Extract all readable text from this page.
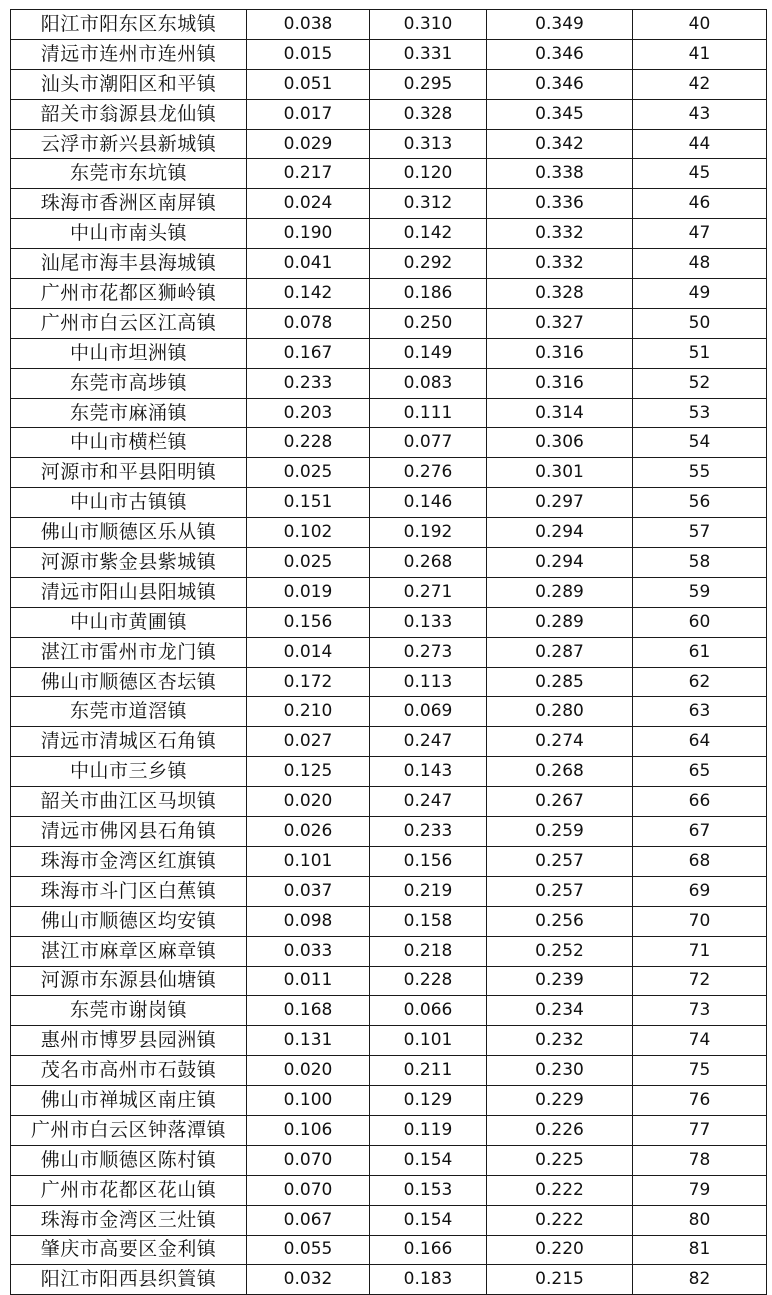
阳江市阳东区东城镇	0.038	0.310	0.349	40
清远市连州市连州镇	0.015	0.331	0.346	41
汕头市潮阳区和平镇	0.051	0.295	0.346	42
韶关市翁源县龙仙镇	0.017	0.328	0.345	43
云浮市新兴县新城镇	0.029	0.313	0.342	44
东莞市东坑镇	0.217	0.120	0.338	45
珠海市香洲区南屏镇	0.024	0.312	0.336	46
中山市南头镇	0.190	0.142	0.332	47
汕尾市海丰县海城镇	0.041	0.292	0.332	48
广州市花都区狮岭镇	0.142	0.186	0.328	49
广州市白云区江高镇	0.078	0.250	0.327	50
中山市坦洲镇	0.167	0.149	0.316	51
东莞市高埗镇	0.233	0.083	0.316	52
东莞市麻涌镇	0.203	0.111	0.314	53
中山市横栏镇	0.228	0.077	0.306	54
河源市和平县阳明镇	0.025	0.276	0.301	55
中山市古镇镇	0.151	0.146	0.297	56
佛山市顺德区乐从镇	0.102	0.192	0.294	57
河源市紫金县紫城镇	0.025	0.268	0.294	58
清远市阳山县阳城镇	0.019	0.271	0.289	59
中山市黄圃镇	0.156	0.133	0.289	60
湛江市雷州市龙门镇	0.014	0.273	0.287	61
佛山市顺德区杏坛镇	0.172	0.113	0.285	62
东莞市道滘镇	0.210	0.069	0.280	63
清远市清城区石角镇	0.027	0.247	0.274	64
中山市三乡镇	0.125	0.143	0.268	65
韶关市曲江区马坝镇	0.020	0.247	0.267	66
清远市佛冈县石角镇	0.026	0.233	0.259	67
珠海市金湾区红旗镇	0.101	0.156	0.257	68
珠海市斗门区白蕉镇	0.037	0.219	0.257	69
佛山市顺德区均安镇	0.098	0.158	0.256	70
湛江市麻章区麻章镇	0.033	0.218	0.252	71
河源市东源县仙塘镇	0.011	0.228	0.239	72
东莞市谢岗镇	0.168	0.066	0.234	73
惠州市博罗县园洲镇	0.131	0.101	0.232	74
茂名市高州市石鼓镇	0.020	0.211	0.230	75
佛山市禅城区南庄镇	0.100	0.129	0.229	76
广州市白云区钟落潭镇	0.106	0.119	0.226	77
佛山市顺德区陈村镇	0.070	0.154	0.225	78
广州市花都区花山镇	0.070	0.153	0.222	79
珠海市金湾区三灶镇	0.067	0.154	0.222	80
肇庆市高要区金利镇	0.055	0.166	0.220	81
阳江市阳西县织篢镇	0.032	0.183	0.215	82
